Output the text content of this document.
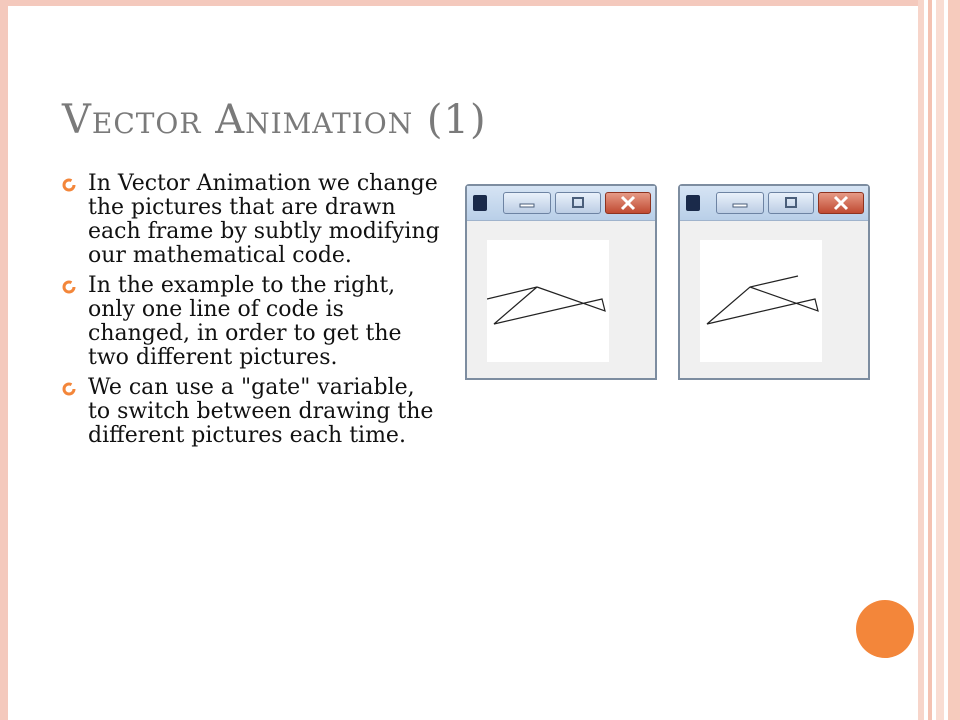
Vector Animation (1)
In Vector Animation we change the pictures that are drawn each frame by subtly modifying our mathematical code.
In the example to the right, only one line of code is changed, in order to get the two different pictures.
We can use a "gate" variable, to switch between drawing the different pictures each time.
